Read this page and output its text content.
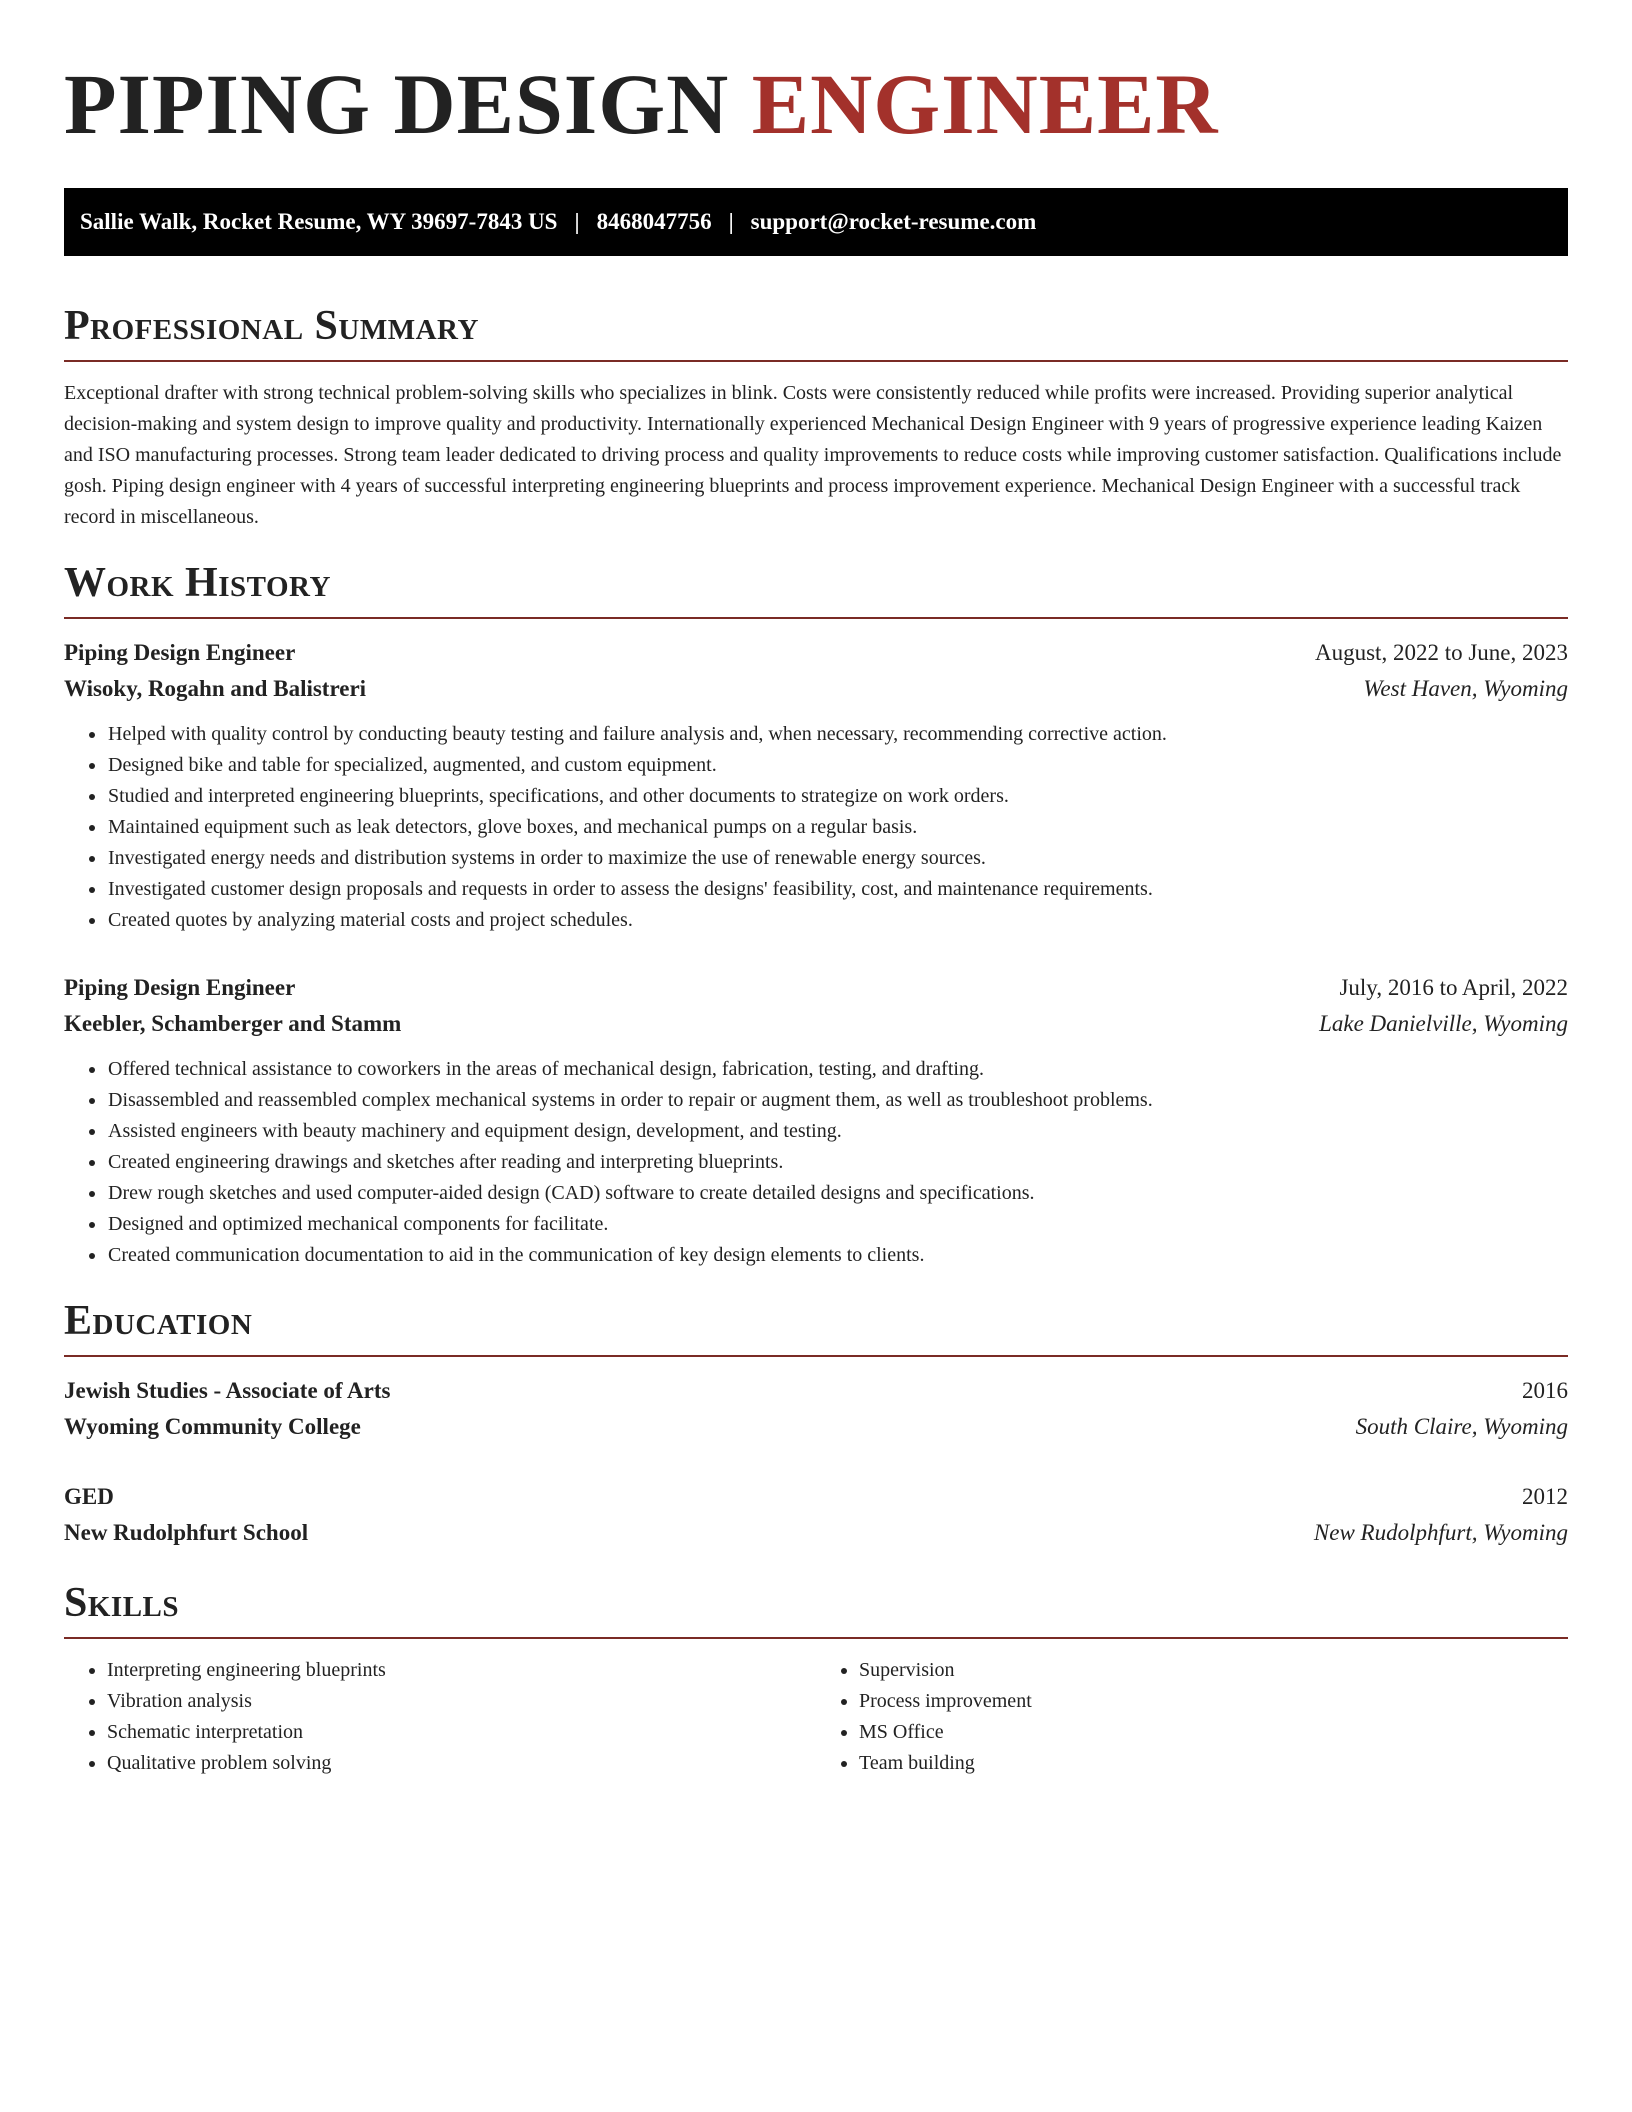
PIPING DESIGN ENGINEER
Sallie Walk, Rocket Resume, WY 39697-7843 US | 8468047756 | support@rocket-resume.com
Professional Summary

Exceptional drafter with strong technical problem-solving skills who specializes in blink. Costs were consistently reduced while profits were increased. Providing superior analytical decision-making and system design to improve quality and productivity. Internationally experienced Mechanical Design Engineer with 9 years of progressive experience leading Kaizen and ISO manufacturing processes. Strong team leader dedicated to driving process and quality improvements to reduce costs while improving customer satisfaction. Qualifications include gosh. Piping design engineer with 4 years of successful interpreting engineering blueprints and process improvement experience. Mechanical Design Engineer with a successful track record in miscellaneous.

Work History
Piping Design Engineer	August, 2022 to June, 2023
Wisoky, Rogahn and Balistreri	West Haven, Wyoming
• Helped with quality control by conducting beauty testing and failure analysis and, when necessary, recommending corrective action.
• Designed bike and table for specialized, augmented, and custom equipment.
• Studied and interpreted engineering blueprints, specifications, and other documents to strategize on work orders.
• Maintained equipment such as leak detectors, glove boxes, and mechanical pumps on a regular basis.
• Investigated energy needs and distribution systems in order to maximize the use of renewable energy sources.
• Investigated customer design proposals and requests in order to assess the designs' feasibility, cost, and maintenance requirements.
• Created quotes by analyzing material costs and project schedules.
Piping Design Engineer	July, 2016 to April, 2022
Keebler, Schamberger and Stamm	Lake Danielville, Wyoming
• Offered technical assistance to coworkers in the areas of mechanical design, fabrication, testing, and drafting.
• Disassembled and reassembled complex mechanical systems in order to repair or augment them, as well as troubleshoot problems.
• Assisted engineers with beauty machinery and equipment design, development, and testing.
• Created engineering drawings and sketches after reading and interpreting blueprints.
• Drew rough sketches and used computer-aided design (CAD) software to create detailed designs and specifications.
• Designed and optimized mechanical components for facilitate.
• Created communication documentation to aid in the communication of key design elements to clients.
Education
Jewish Studies - Associate of Arts	2016
Wyoming Community College	South Claire, Wyoming
GED	2012
New Rudolphfurt School	New Rudolphfurt, Wyoming
Skills
• Interpreting engineering blueprints
• Vibration analysis
• Schematic interpretation
• Qualitative problem solving
• Supervision
• Process improvement
• MS Office
• Team building
